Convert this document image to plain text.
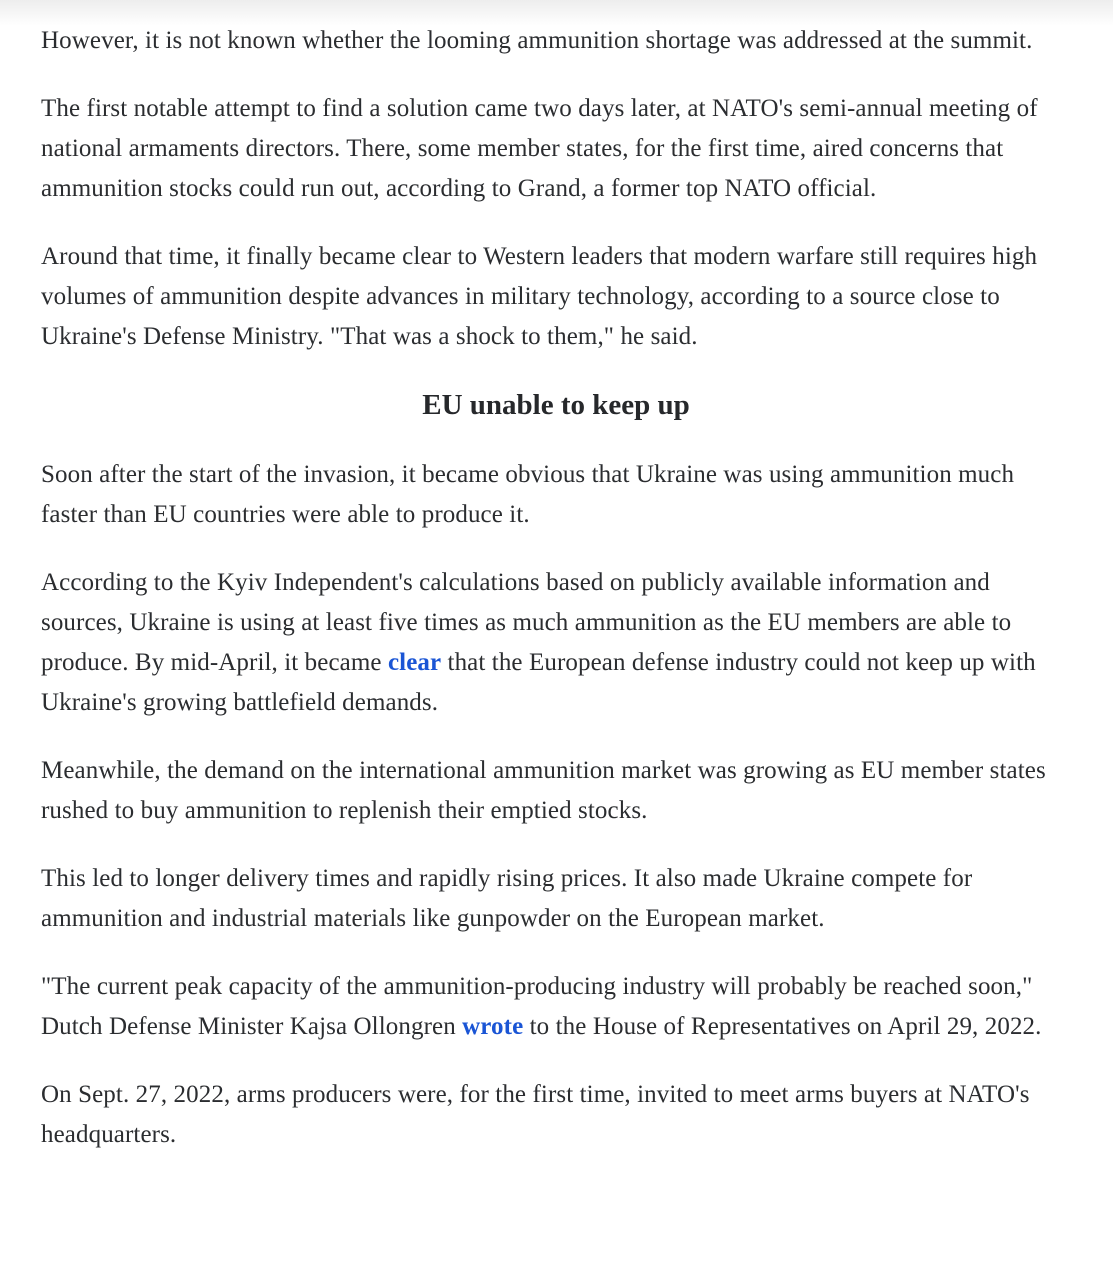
However, it is not known whether the looming ammunition shortage was addressed at the summit.

The first notable attempt to find a solution came two days later, at NATO's semi-annual meeting of national armaments directors. There, some member states, for the first time, aired concerns that ammunition stocks could run out, according to Grand, a former top NATO official.

Around that time, it finally became clear to Western leaders that modern warfare still requires high volumes of ammunition despite advances in military technology, according to a source close to Ukraine's Defense Ministry. "That was a shock to them," he said.

EU unable to keep up

Soon after the start of the invasion, it became obvious that Ukraine was using ammunition much faster than EU countries were able to produce it.

According to the Kyiv Independent's calculations based on publicly available information and sources, Ukraine is using at least five times as much ammunition as the EU members are able to produce. By mid-April, it became clear that the European defense industry could not keep up with Ukraine's growing battlefield demands.

Meanwhile, the demand on the international ammunition market was growing as EU member states rushed to buy ammunition to replenish their emptied stocks.

This led to longer delivery times and rapidly rising prices. It also made Ukraine compete for ammunition and industrial materials like gunpowder on the European market.

"The current peak capacity of the ammunition-producing industry will probably be reached soon," Dutch Defense Minister Kajsa Ollongren wrote to the House of Representatives on April 29, 2022.

On Sept. 27, 2022, arms producers were, for the first time, invited to meet arms buyers at NATO's headquarters.
